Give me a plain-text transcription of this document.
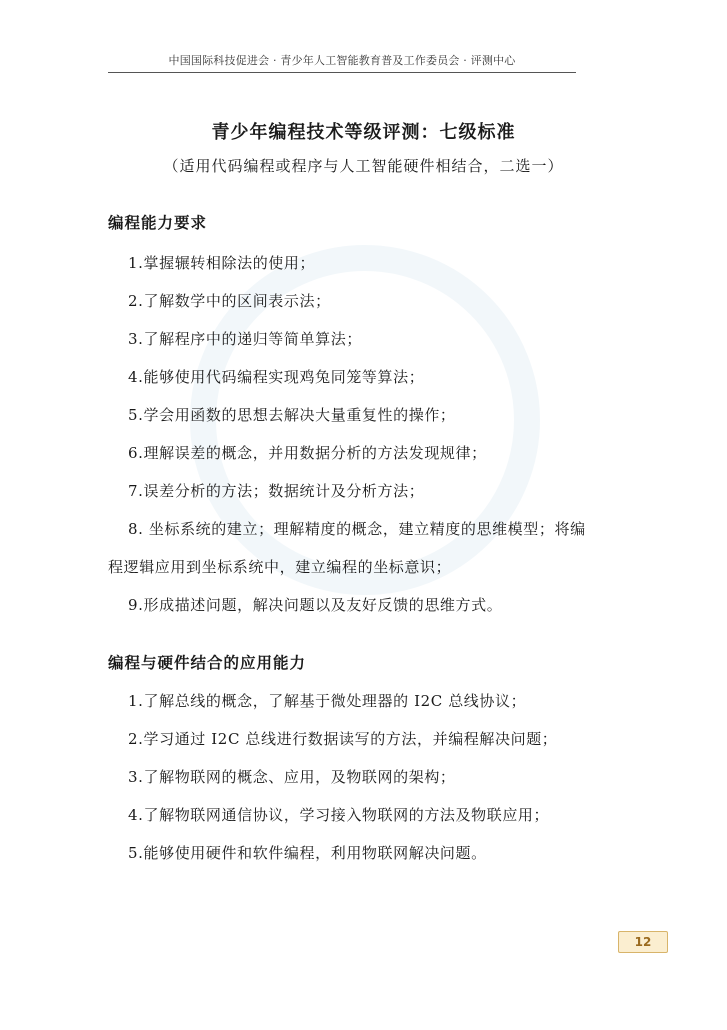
中国国际科技促进会 · 青少年人工智能教育普及工作委员会 · 评测中心
青少年编程技术等级评测：七级标准
（适用代码编程或程序与人工智能硬件相结合，二选一）
编程能力要求
1.掌握辗转相除法的使用；
2.了解数学中的区间表示法；
3.了解程序中的递归等简单算法；
4.能够使用代码编程实现鸡兔同笼等算法；
5.学会用函数的思想去解决大量重复性的操作；
6.理解误差的概念，并用数据分析的方法发现规律；
7.误差分析的方法；数据统计及分析方法；
8. 坐标系统的建立；理解精度的概念，建立精度的思维模型；将编
程逻辑应用到坐标系统中，建立编程的坐标意识；
9.形成描述问题，解决问题以及友好反馈的思维方式。
编程与硬件结合的应用能力
1.了解总线的概念，了解基于微处理器的 I2C 总线协议；
2.学习通过 I2C 总线进行数据读写的方法，并编程解决问题；
3.了解物联网的概念、应用，及物联网的架构；
4.了解物联网通信协议，学习接入物联网的方法及物联应用；
5.能够使用硬件和软件编程，利用物联网解决问题。
12
